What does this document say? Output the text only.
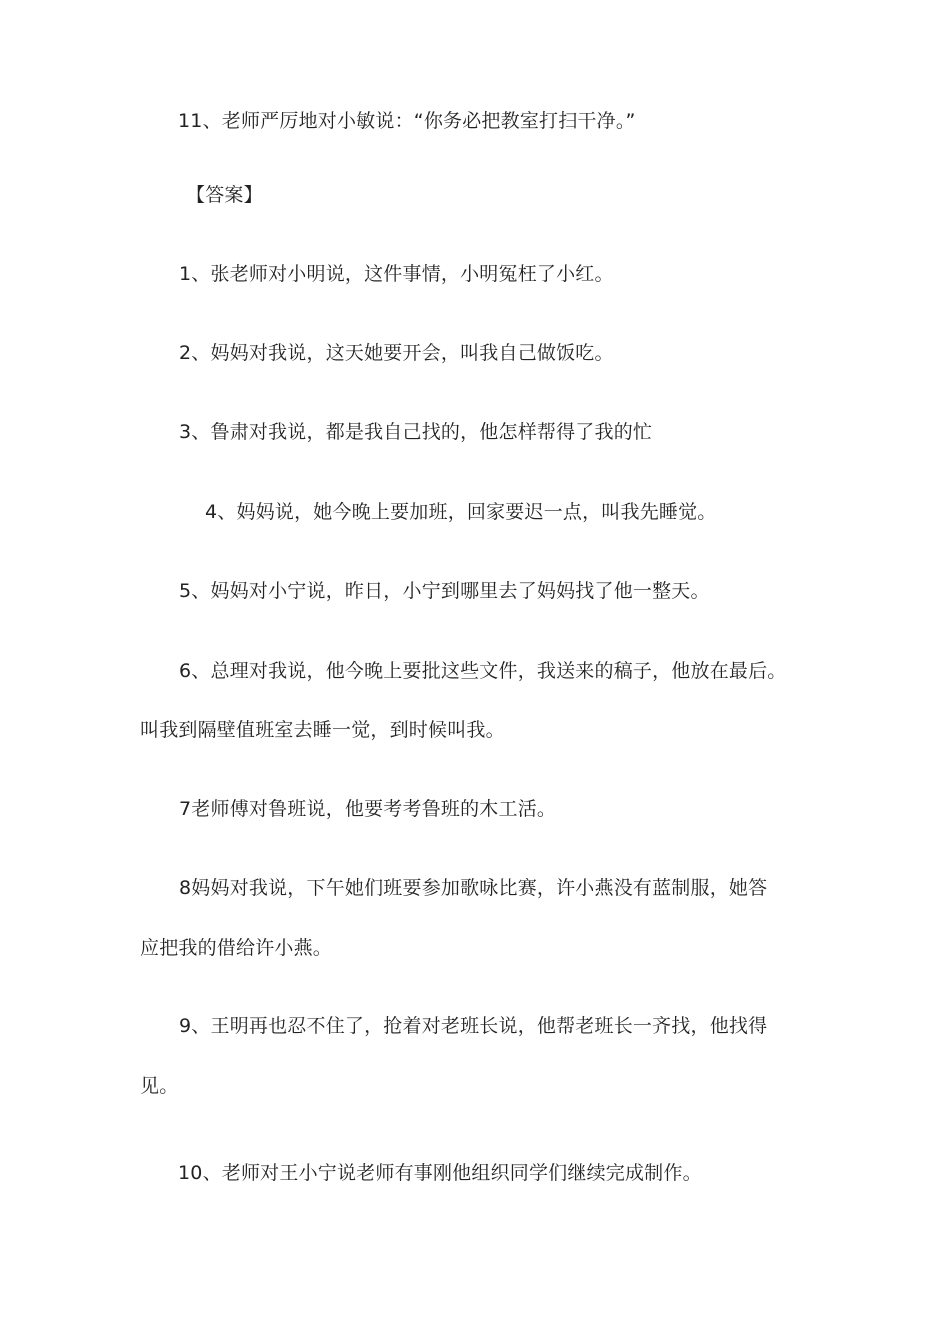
11、老师严厉地对小敏说：“你务必把教室打扫干净。”
【答案】
1、张老师对小明说，这件事情，小明冤枉了小红。
2、妈妈对我说，这天她要开会，叫我自己做饭吃。
3、鲁肃对我说，都是我自己找的，他怎样帮得了我的忙
4、妈妈说，她今晚上要加班，回家要迟一点，叫我先睡觉。
5、妈妈对小宁说，昨日，小宁到哪里去了妈妈找了他一整天。
6、总理对我说，他今晚上要批这些文件，我送来的稿子，他放在最后。
叫我到隔壁值班室去睡一觉，到时候叫我。
7老师傅对鲁班说，他要考考鲁班的木工活。
8妈妈对我说，下午她们班要参加歌咏比赛，许小燕没有蓝制服，她答
应把我的借给许小燕。
9、王明再也忍不住了，抢着对老班长说，他帮老班长一齐找，他找得
见。
10、老师对王小宁说老师有事刚他组织同学们继续完成制作。
